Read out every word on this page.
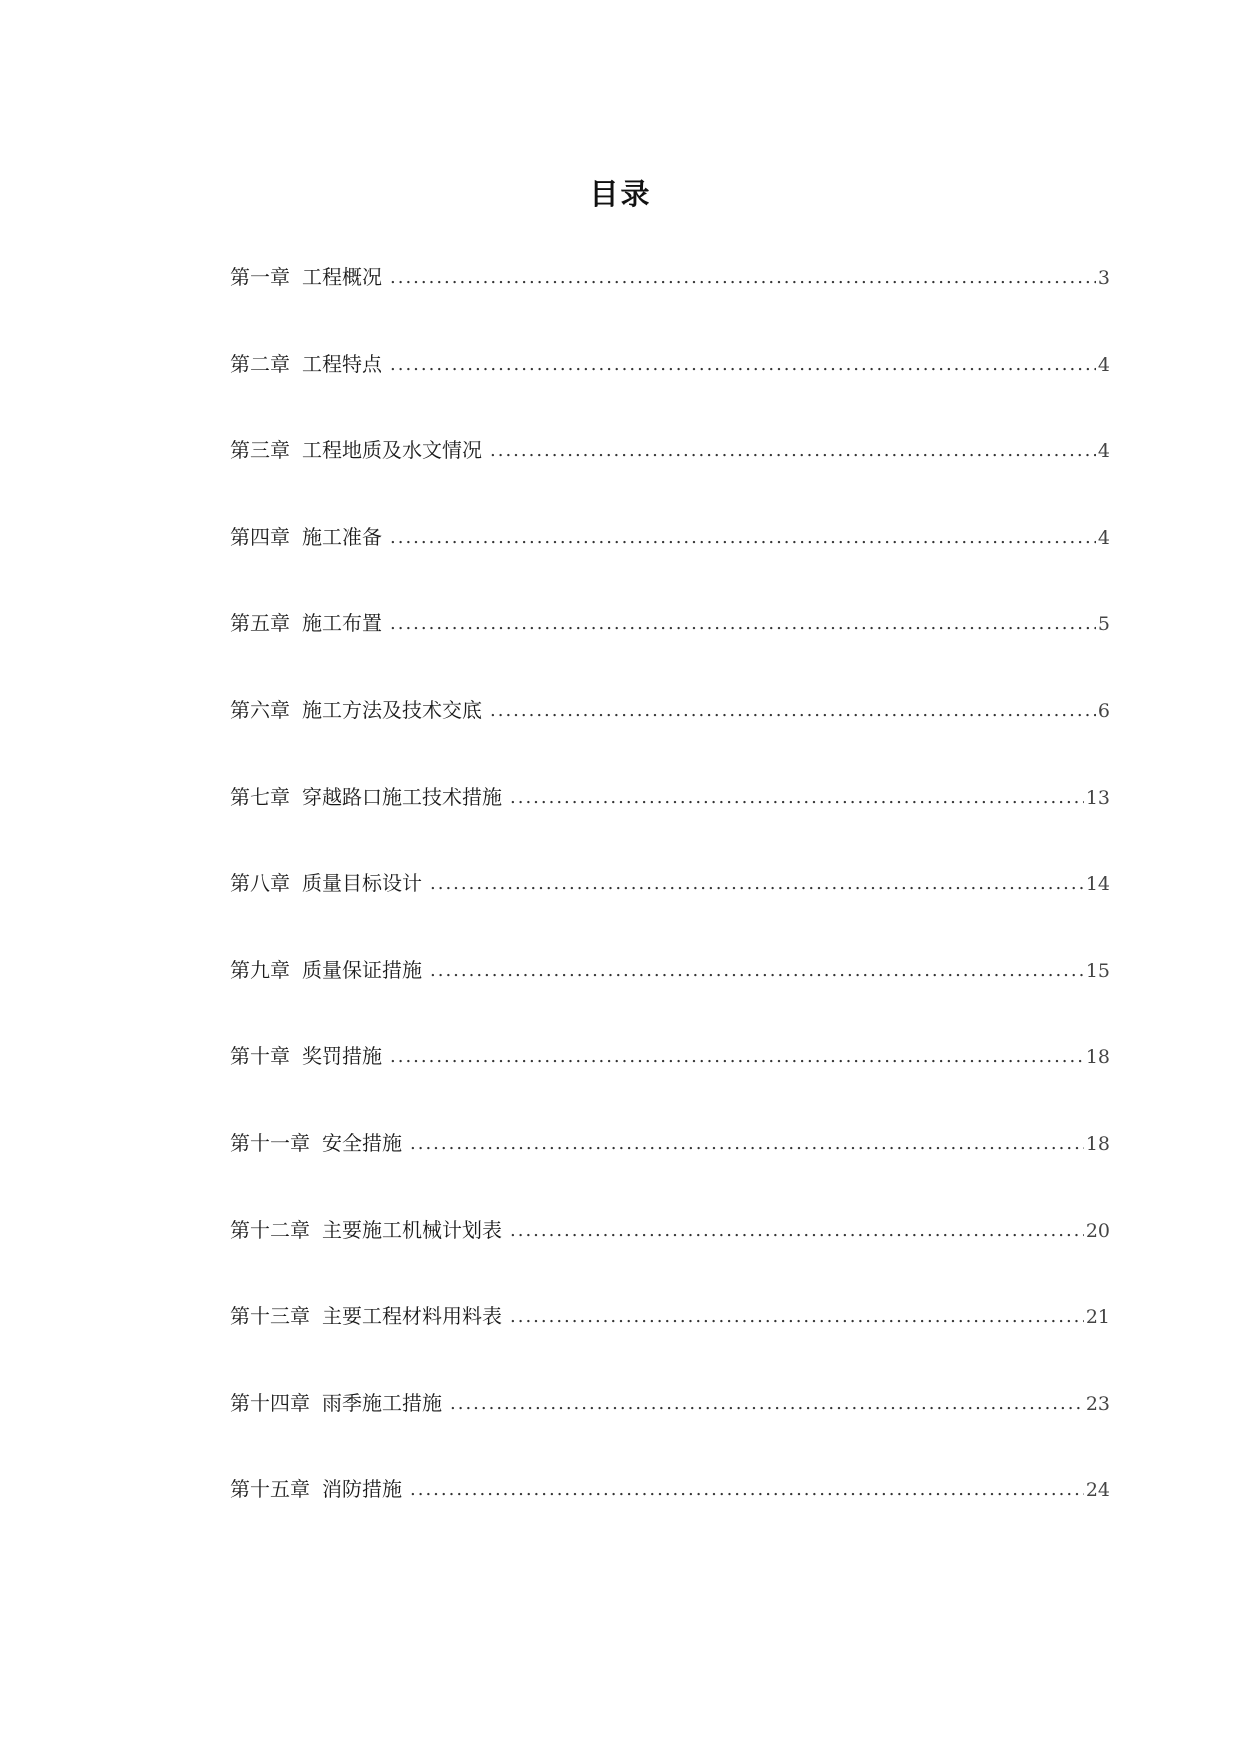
目录
第一章 工程概况 .....	3
第二章 工程特点 .....	4
第三章 工程地质及水文情况 .....	4
第四章 施工准备 .....	4
第五章 施工布置 .....	5
第六章 施工方法及技术交底 .....	6
第七章 穿越路口施工技术措施 .....	13
第八章 质量目标设计 .....	14
第九章 质量保证措施 .....	15
第十章 奖罚措施 .....	18
第十一章 安全措施 .....	18
第十二章 主要施工机械计划表 .....	20
第十三章 主要工程材料用料表 .....	21
第十四章 雨季施工措施 .....	23
第十五章 消防措施 .....	24
